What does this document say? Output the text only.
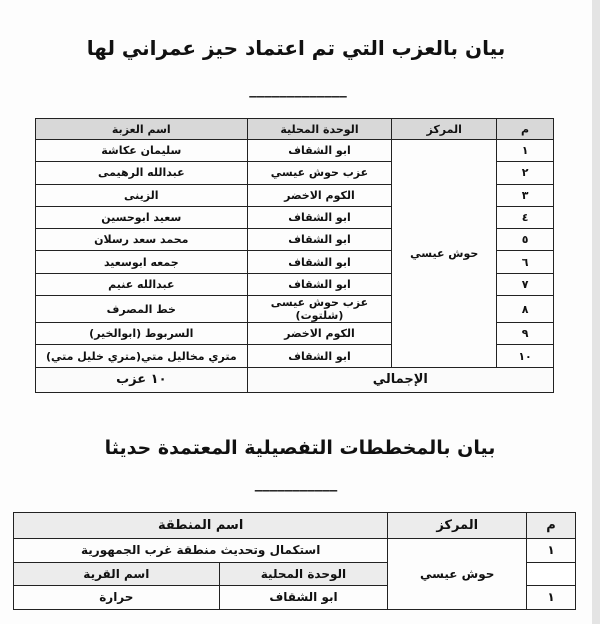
بيان بالعزب التي تم اعتماد حيز عمراني لها
_____________
م	المركز	الوحدة المحلية	اسم العزبة
١	حوش عيسي	ابو الشقاف	سليمان عكاشة
٢		عزب حوش عيسي	عبدالله الرهيمى
٣		الكوم الاخضر	الزينى
٤		ابو الشقاف	سعيد ابوحسين
٥		ابو الشقاف	محمد سعد رسلان
٦		ابو الشقاف	جمعه ابوسعيد
٧		ابو الشقاف	عبدالله عنيم
٨		عزب حوش عيسى (شلتوت)	خط المصرف
٩		الكوم الاخضر	السربوط (ابوالخير)
١٠		ابو الشقاف	متري مخاليل متي(متري خليل متي)
الإجمالي			١٠ عزب
بيان بالمخططات التفصيلية المعتمدة حديثا
___________
م	المركز	اسم المنطقة	
١	حوش عيسي	استكمال وتحديث منطقة غرب الجمهورية	
		الوحدة المحلية	اسم القرية
١		ابو الشقاف	حرارة
